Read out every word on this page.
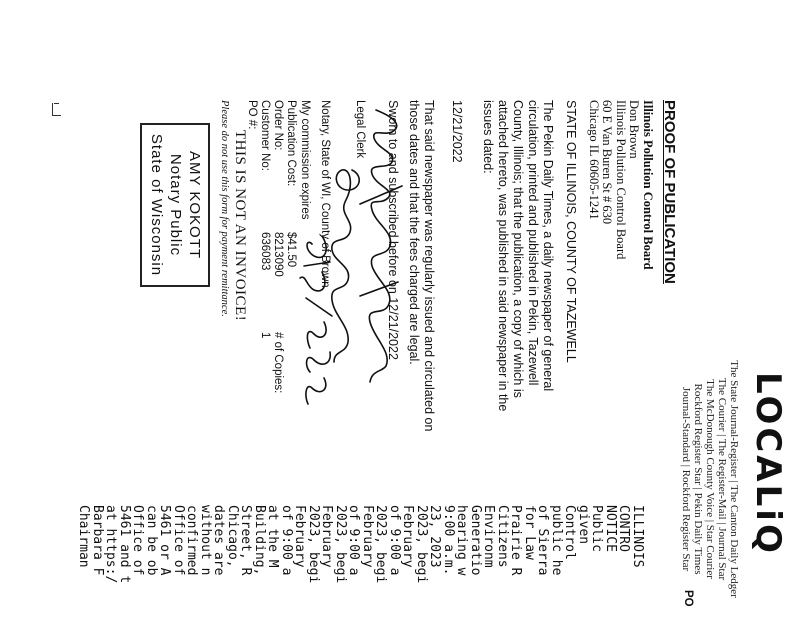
LOCALiQ
The State Journal-Register | The Canton Daily Ledger
The Courier | The Register-Mail | Journal Star
The McDonough County Voice | Star Courier
Rockford Register Star | Pekin Daily Times
Journal-Standard | Rockford Register Star
PROOF OF PUBLICATION
Illinois Pollution Control Board
Don Brown
Illinois Pollution Control Board
60 E Van Buren St # 630
Chicago IL 60605-1241
STATE OF ILLINOIS, COUNTY OF TAZEWELL
The Pekin Daily Times, a daily newspaper of general
circulation, printed and published in Pekin, Tazewell
County, Illinois; that the publication, a copy of which is
attached hereto, was published in said newspaper in the
issues dated:
12/21/2022
That said newspaper was regularly issued and circulated on
those dates and that the fees charged are legal.
Sworn to and subscribed before on 12/21/2022
Legal Clerk
Notary, State of WI, County of Brown
My commission expires
Publication Cost:
$41.50
Order No:
8213090
# of Copies:
Customer No:
636083
1
PO #:
THIS IS NOT AN INVOICE!
Please do not use this form for payment remittance.
AMY KOKOTT
Notary Public
State of Wisconsin
PO
ILLINOIS
CONTRO
NOTICE
Public
given
Control
public he
of Sierra
for Law
Prairie R
Citizens
Environm
Generatio
hearing w
9:00 a.m.
23, 2023
2023, begi
February
of 9:00 a
2023, begi
February
of 9:00 a
2023, begi
February
2023, begi
February
of 9:00 a
at the M
Building,
Street, R
Chicago,
dates are
without n
confirmed
Office of
5461 or A
can be ob
Office of
5461 and t
at https:/
Barbara F
Chairman
